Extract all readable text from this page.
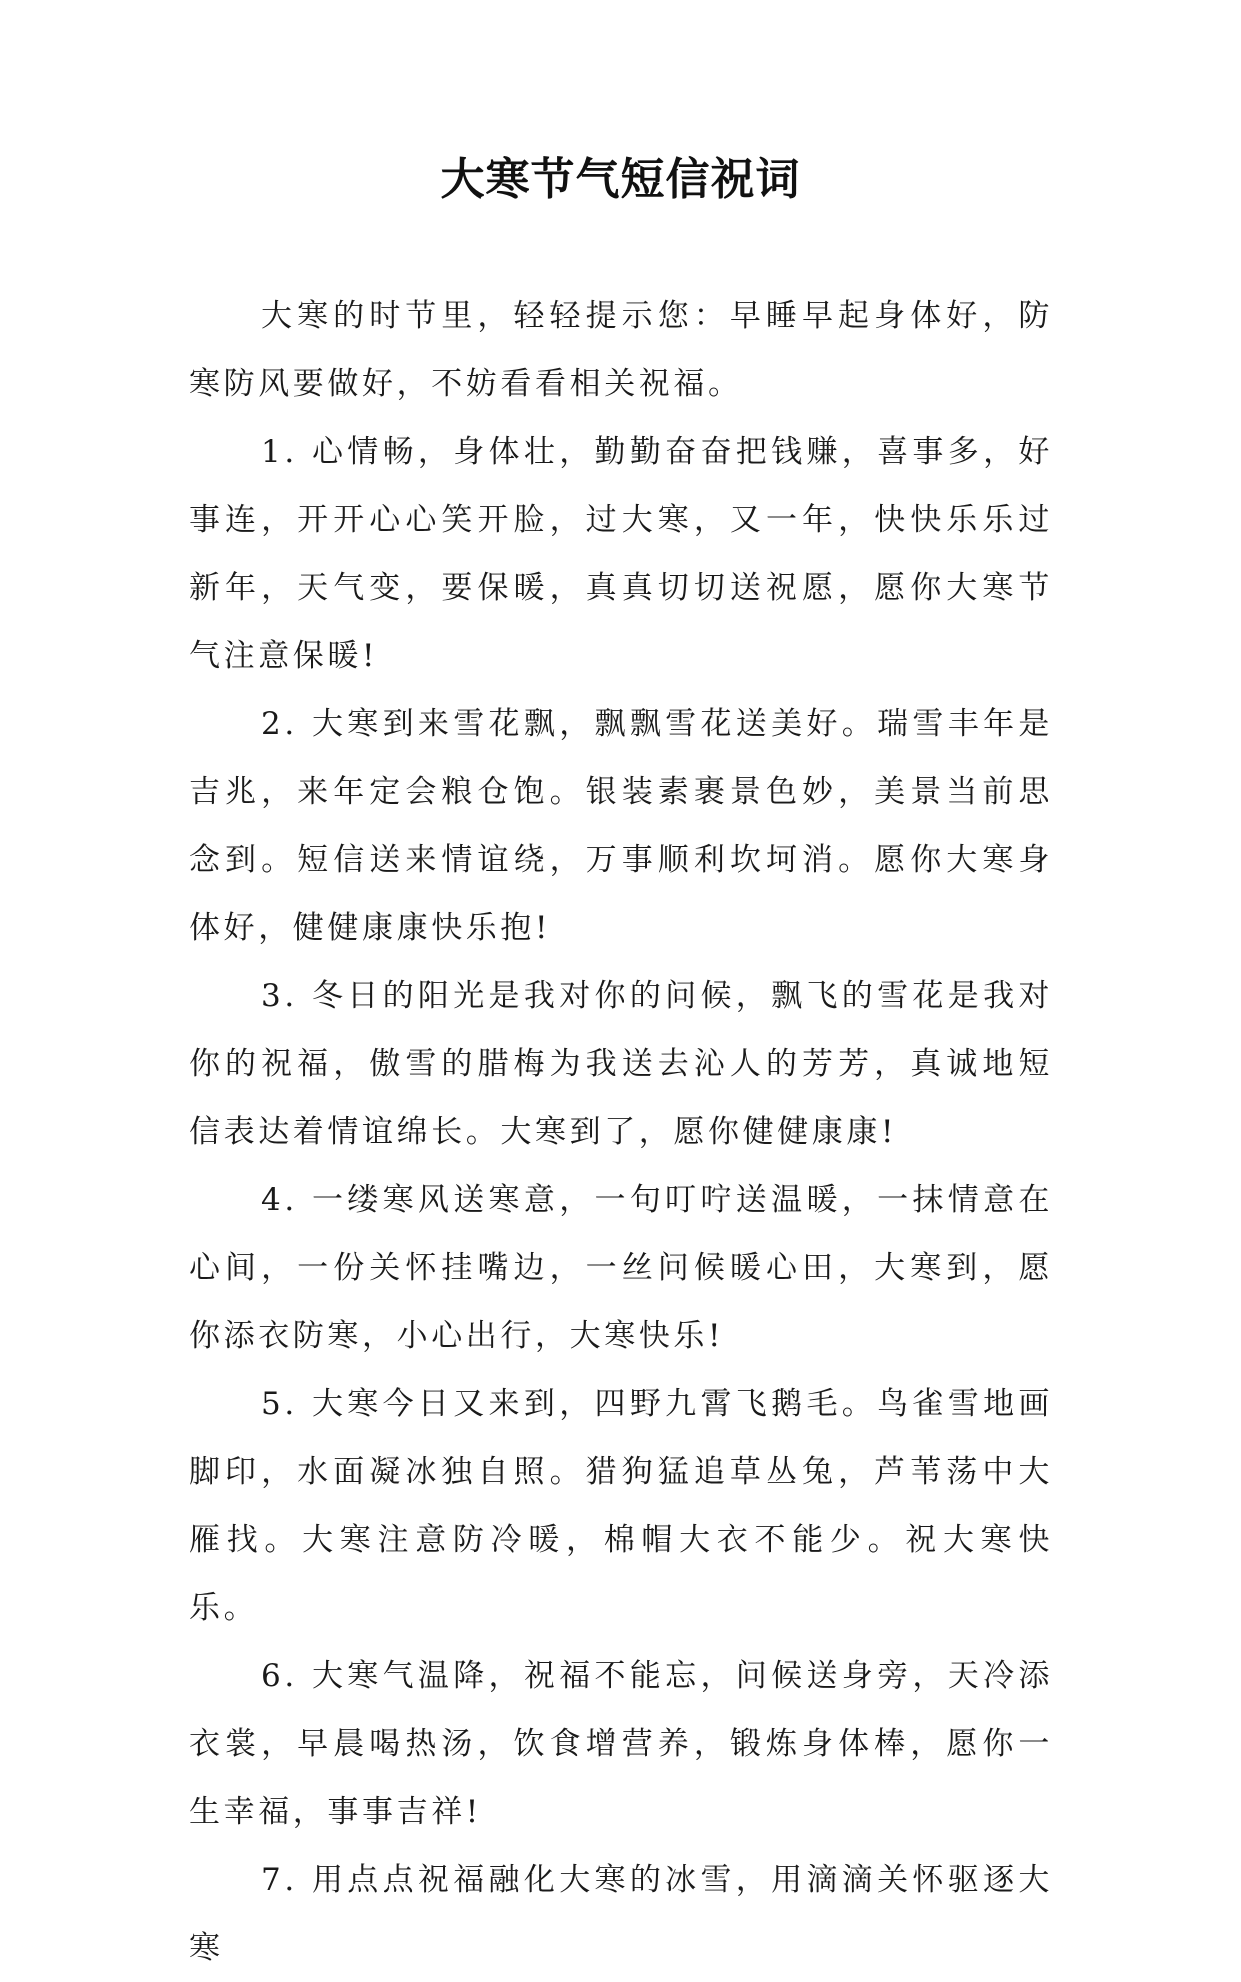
大寒节气短信祝词

大寒的时节里，轻轻提示您：早睡早起身体好，防寒防风要做好，不妨看看相关祝福。

1. 心情畅，身体壮，勤勤奋奋把钱赚，喜事多，好事连，开开心心笑开脸，过大寒，又一年，快快乐乐过新年，天气变，要保暖，真真切切送祝愿，愿你大寒节气注意保暖!

2. 大寒到来雪花飘，飘飘雪花送美好。瑞雪丰年是吉兆，来年定会粮仓饱。银装素裹景色妙，美景当前思念到。短信送来情谊绕，万事顺利坎坷消。愿你大寒身体好，健健康康快乐抱!

3. 冬日的阳光是我对你的问候，飘飞的雪花是我对你的祝福，傲雪的腊梅为我送去沁人的芳芳，真诚地短信表达着情谊绵长。大寒到了，愿你健健康康!

4. 一缕寒风送寒意，一句叮咛送温暖，一抹情意在心间，一份关怀挂嘴边，一丝问候暖心田，大寒到，愿你添衣防寒，小心出行，大寒快乐!

5. 大寒今日又来到，四野九霄飞鹅毛。鸟雀雪地画脚印，水面凝冰独自照。猎狗猛追草丛兔，芦苇荡中大雁找。大寒注意防冷暖，棉帽大衣不能少。祝大寒快乐。

6. 大寒气温降，祝福不能忘，问候送身旁，天冷添衣裳，早晨喝热汤，饮食增营养，锻炼身体棒，愿你一生幸福，事事吉祥!

7. 用点点祝福融化大寒的冰雪，用滴滴关怀驱逐大寒
